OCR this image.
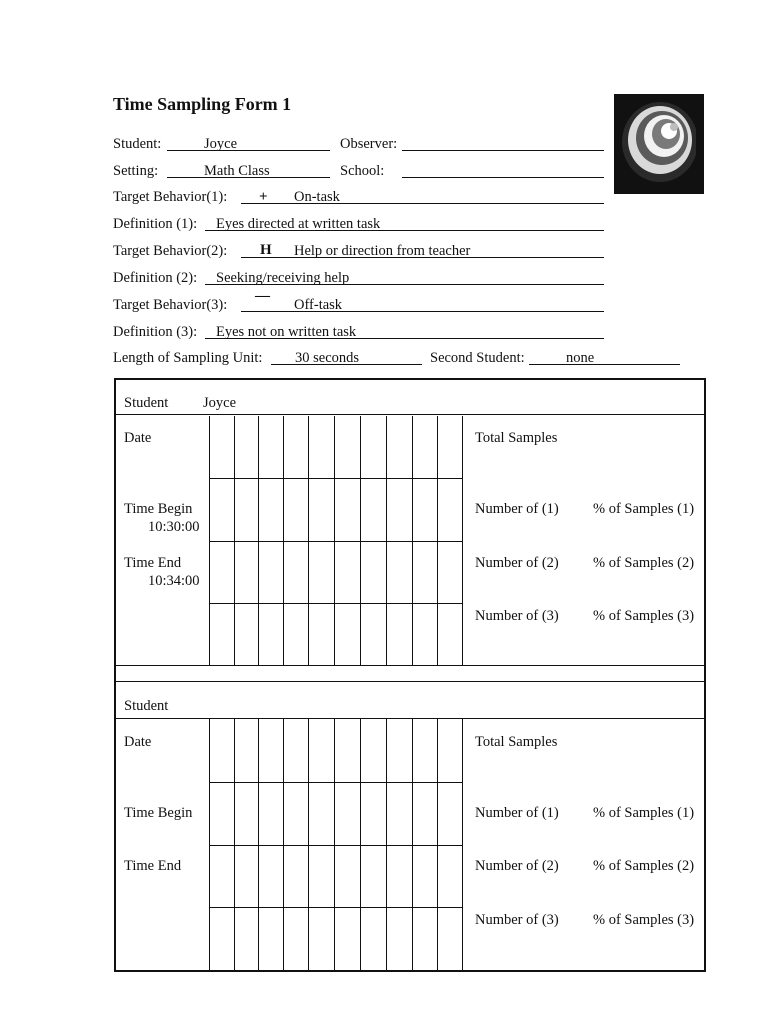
Time Sampling Form 1
Student:	Joyce	Observer:
Setting:	Math Class	School:
Target Behavior(1): + On-task
Definition (1): Eyes directed at written task
Target Behavior(2): H Help or direction from teacher
Definition (2): Seeking/receiving help
Target Behavior(3):
—
Off-task
Definition (3): Eyes not on written task
Length of Sampling Unit: 30 seconds	Second Student:	none
Student Joyce
Date
Time Begin
10:30:00
Time End
10:34:00
Total Samples
Number of (1) % of Samples (1)
Number of (2) % of Samples (2)
Number of (3) % of Samples (3)
Student
Date
Time Begin
Time End
Total Samples
Number of (1) % of Samples (1)
Number of (2) % of Samples (2)
Number of (3) % of Samples (3)
